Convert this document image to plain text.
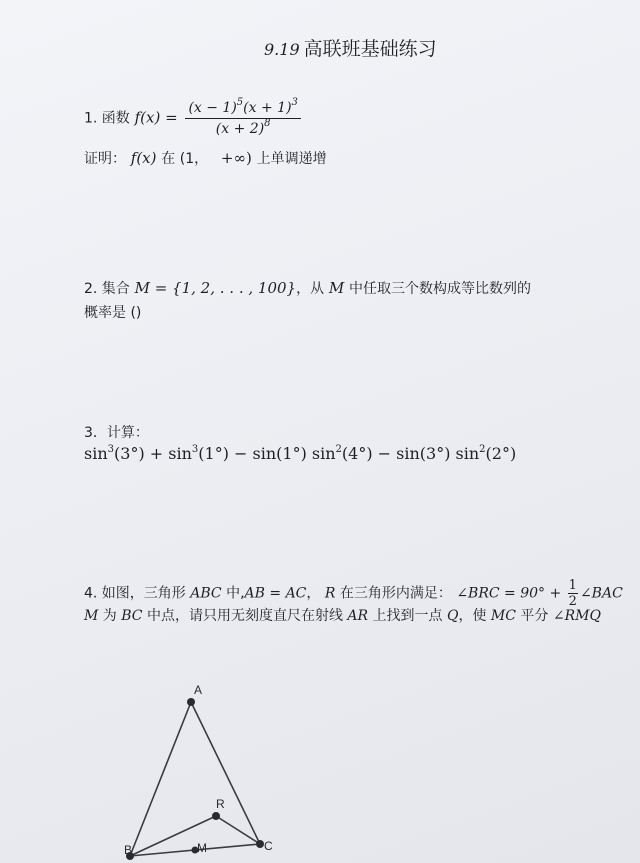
9.19 高联班基础练习
1. 函数 $f(x) = \frac{(x - 1)^5(x + 1)^3}{(x + 2)^8}$
证明： f(x) 在 (1， +∞) 上单调递增
2. 集合 M = {1, 2, . . . , 100}，从 M 中任取三个数构成等比数列的
概率是 ()
3．计算：
$\sin^3(3^\circ) + \sin^3(1^\circ) - \sin(1^\circ) \sin^2(4^\circ) - \sin(3^\circ)$ $\sin^2(2^\circ)$
4. 如图，三角形 ABC 中,AB = AC， R 在三角形内满足： ∠BRC = $90^\circ + \frac{1}{2}$ ∠BAC
M 为 BC 中点，请只用无刻度直尺在射线 AR 上找到一点 Q，使 MC 平分 ∠RMQ
A
B	C
M
R
